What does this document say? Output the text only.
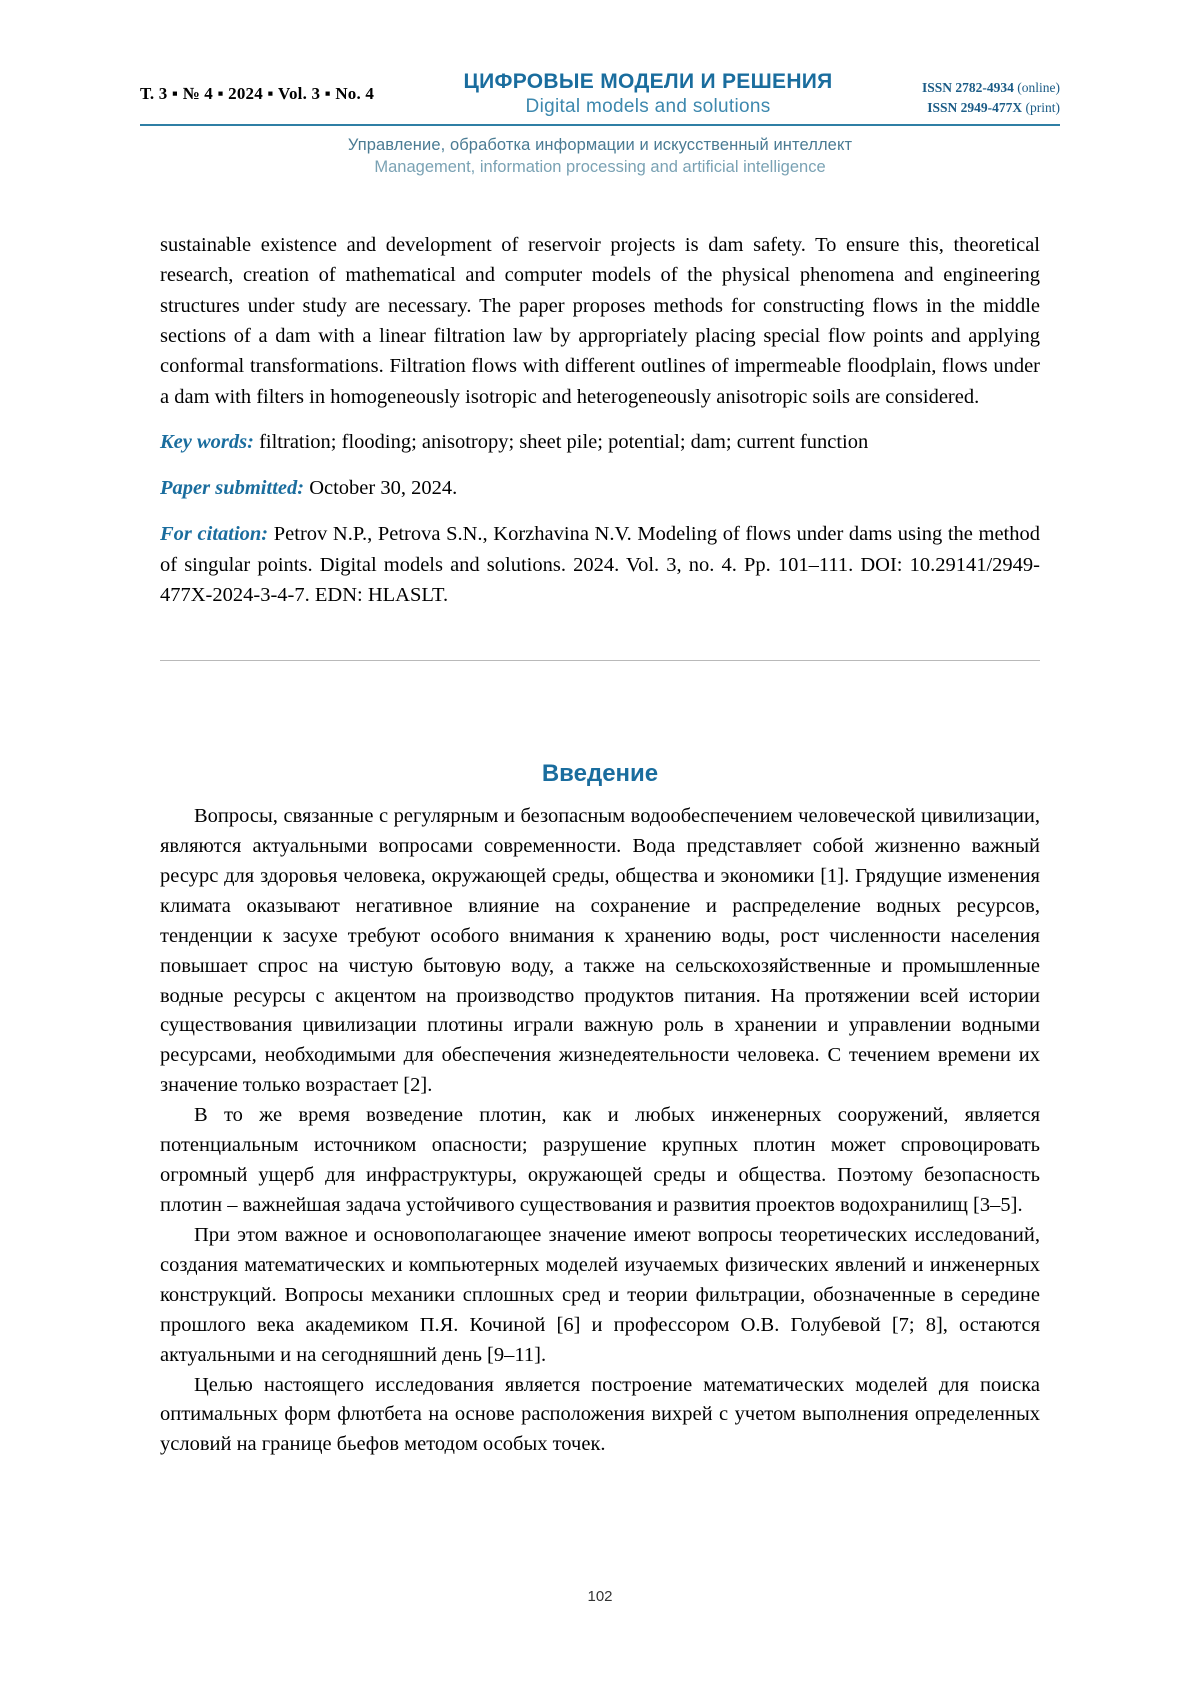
Т. 3 ▪ № 4 ▪ 2024 ▪ Vol. 3 ▪ No. 4
ЦИФРОВЫЕ МОДЕЛИ И РЕШЕНИЯ
Digital models and solutions
ISSN 2782-4934 (online)
ISSN 2949-477X (print)
Управление, обработка информации и искусственный интеллект
Management, information processing and artificial intelligence

sustainable existence and development of reservoir projects is dam safety. To ensure this, theoretical research, creation of mathematical and computer models of the physical phenomena and engineering structures under study are necessary. The paper proposes methods for constructing flows in the middle sections of a dam with a linear filtration law by appropriately placing special flow points and applying conformal transformations. Filtration flows with different outlines of impermeable floodplain, flows under a dam with filters in homogeneously isotropic and heterogeneously anisotropic soils are considered.

Key words: filtration; flooding; anisotropy; sheet pile; potential; dam; current function
Paper submitted: October 30, 2024.
For citation: Petrov N.P., Petrova S.N., Korzhavina N.V. Modeling of flows under dams using the method of singular points. Digital models and solutions. 2024. Vol. 3, no. 4. Pp. 101–111. DOI: 10.29141/2949-477X-2024-3-4-7. EDN: HLASLT.
Введение

Вопросы, связанные с регулярным и безопасным водообеспечением человеческой цивилизации, являются актуальными вопросами современности. Вода представляет собой жизненно важный ресурс для здоровья человека, окружающей среды, общества и экономики [1]. Грядущие изменения климата оказывают негативное влияние на сохранение и распределение водных ресурсов, тенденции к засухе требуют особого внимания к хранению воды, рост численности населения повышает спрос на чистую бытовую воду, а также на сельскохозяйственные и промышленные водные ресурсы с акцентом на производство продуктов питания. На протяжении всей истории существования цивилизации плотины играли важную роль в хранении и управлении водными ресурсами, необходимыми для обеспечения жизнедеятельности человека. С течением времени их значение только возрастает [2].

В то же время возведение плотин, как и любых инженерных сооружений, является потенциальным источником опасности; разрушение крупных плотин может спровоцировать огромный ущерб для инфраструктуры, окружающей среды и общества. Поэтому безопасность плотин – важнейшая задача устойчивого существования и развития проектов водохранилищ [3–5].

При этом важное и основополагающее значение имеют вопросы теоретических исследований, создания математических и компьютерных моделей изучаемых физических явлений и инженерных конструкций. Вопросы механики сплошных сред и теории фильтрации, обозначенные в середине прошлого века академиком П.Я. Кочиной [6] и профессором О.В. Голубевой [7; 8], остаются актуальными и на сегодняшний день [9–11].

Целью настоящего исследования является построение математических моделей для поиска оптимальных форм флютбета на основе расположения вихрей с учетом выполнения определенных условий на границе бьефов методом особых точек.

102
